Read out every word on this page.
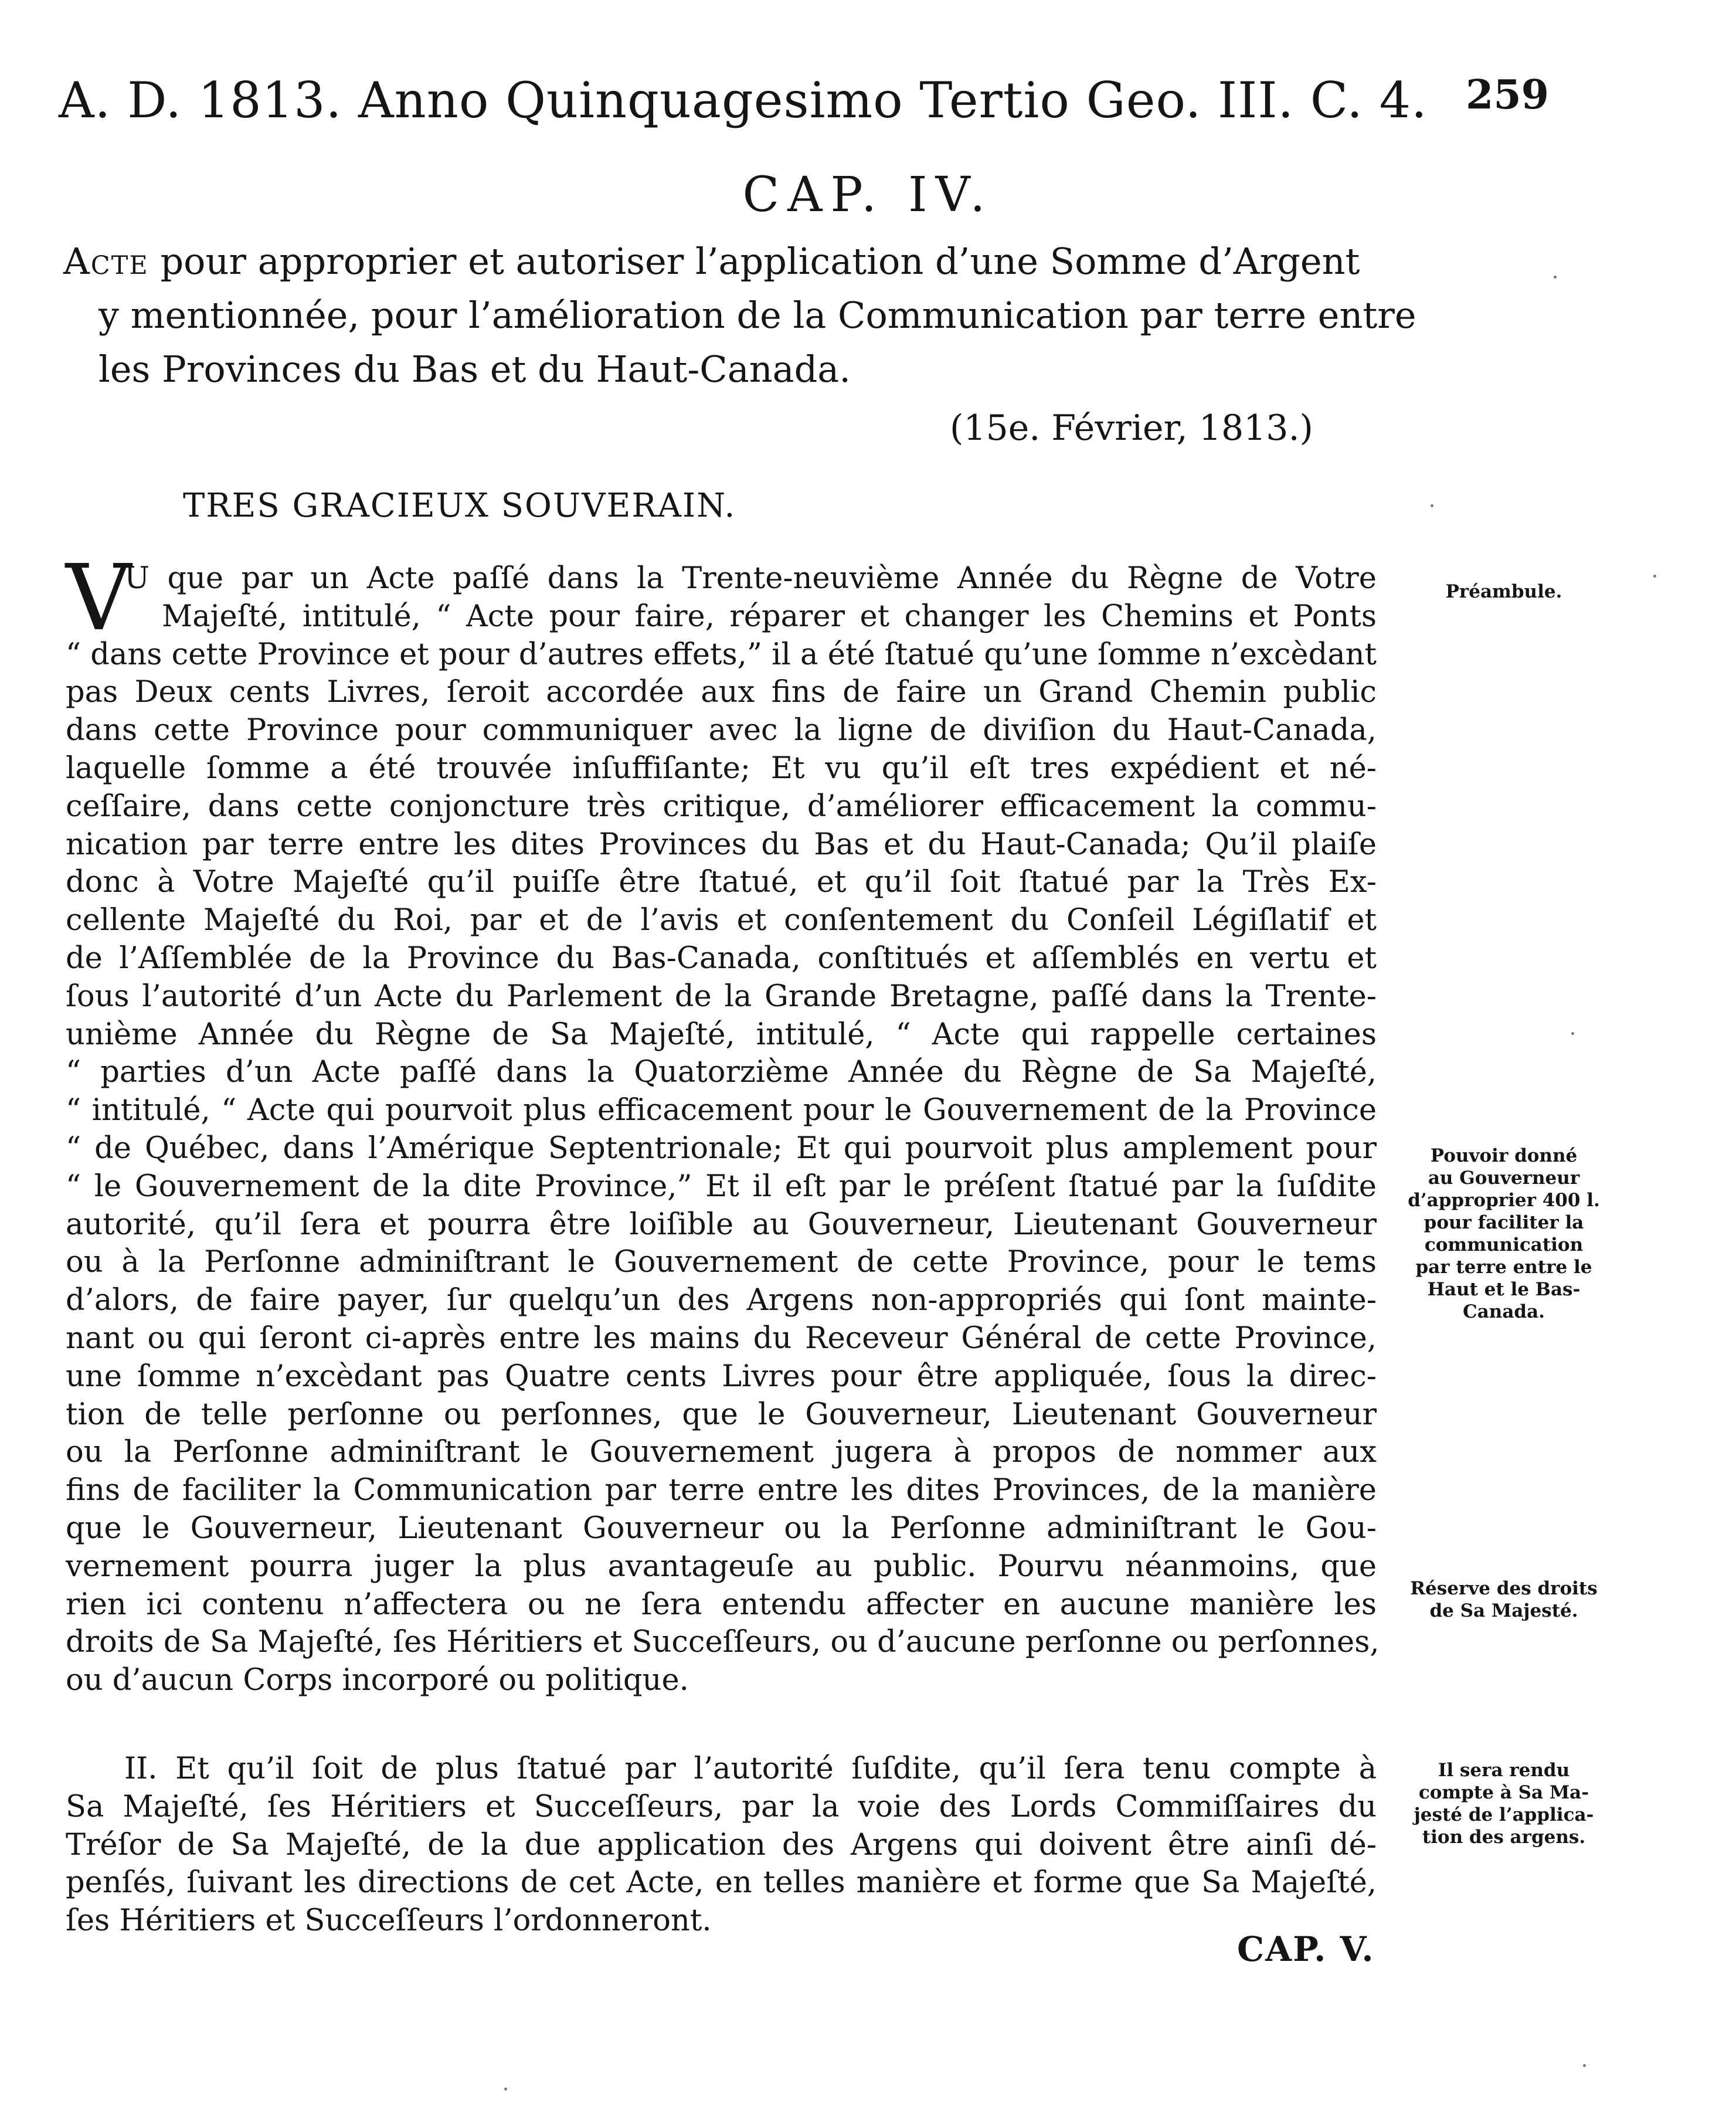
A. D. 1813. Anno Quinquagesimo Tertio Geo. III. C. 4. 259
CAP. IV.
Acte pour approprier et autoriser l’application d’une Somme d’Argent
y mentionnée, pour l’amélioration de la Communication par terre entre
les Provinces du Bas et du Haut-Canada.
(15e. Février, 1813.)
TRES GRACIEUX SOUVERAIN.
V
U que par un Acte paſſé dans la Trente-neuvième Année du Règne de Votre
Majeſté, intitulé, “ Acte pour faire, réparer et changer les Chemins et Ponts
“ dans cette Province et pour d’autres effets,” il a été ſtatué qu’une ſomme n’excèdant
pas Deux cents Livres, ſeroit accordée aux fins de faire un Grand Chemin public
dans cette Province pour communiquer avec la ligne de diviſion du Haut-Canada,
laquelle ſomme a été trouvée inſuffiſante; Et vu qu’il eſt tres expédient et né-
ceſſaire, dans cette conjoncture très critique, d’améliorer efficacement la commu-
nication par terre entre les dites Provinces du Bas et du Haut-Canada; Qu’il plaiſe
donc à Votre Majeſté qu’il puiſſe être ſtatué, et qu’il ſoit ſtatué par la Très Ex-
cellente Majeſté du Roi, par et de l’avis et conſentement du Conſeil Légiſlatif et
de l’Aſſemblée de la Province du Bas-Canada, conſtitués et aſſemblés en vertu et
ſous l’autorité d’un Acte du Parlement de la Grande Bretagne, paſſé dans la Trente-
unième Année du Règne de Sa Majeſté, intitulé, “ Acte qui rappelle certaines
“ parties d’un Acte paſſé dans la Quatorzième Année du Règne de Sa Majeſté,
“ intitulé, “ Acte qui pourvoit plus efficacement pour le Gouvernement de la Province
“ de Québec, dans l’Amérique Septentrionale; Et qui pourvoit plus amplement pour
“ le Gouvernement de la dite Province,” Et il eſt par le préſent ſtatué par la ſuſdite
autorité, qu’il ſera et pourra être loiſible au Gouverneur, Lieutenant Gouverneur
ou à la Perſonne adminiſtrant le Gouvernement de cette Province, pour le tems
d’alors, de faire payer, ſur quelqu’un des Argens non-appropriés qui ſont mainte-
nant ou qui ſeront ci-après entre les mains du Receveur Général de cette Province,
une ſomme n’excèdant pas Quatre cents Livres pour être appliquée, ſous la direc-
tion de telle perſonne ou perſonnes, que le Gouverneur, Lieutenant Gouverneur
ou la Perſonne adminiſtrant le Gouvernement jugera à propos de nommer aux
fins de faciliter la Communication par terre entre les dites Provinces, de la manière
que le Gouverneur, Lieutenant Gouverneur ou la Perſonne adminiſtrant le Gou-
vernement pourra juger la plus avantageuſe au public. Pourvu néanmoins, que
rien ici contenu n’affectera ou ne ſera entendu affecter en aucune manière les
droits de Sa Majeſté, ſes Héritiers et Succeſſeurs, ou d’aucune perſonne ou perſonnes,
ou d’aucun Corps incorporé ou politique.
II. Et qu’il ſoit de plus ſtatué par l’autorité ſuſdite, qu’il ſera tenu compte à
Sa Majeſté, ſes Héritiers et Succeſſeurs, par la voie des Lords Commiſſaires du
Tréſor de Sa Majeſté, de la due application des Argens qui doivent être ainſi dé-
penſés, ſuivant les directions de cet Acte, en telles manière et forme que Sa Majeſté,
ſes Héritiers et Succeſſeurs l’ordonneront.
Préambule.
Pouvoir donné
au Gouverneur
d’approprier 400 l.
pour faciliter la
communication
par terre entre le
Haut et le Bas-
Canada.
Réserve des droits
de Sa Majesté.
Il sera rendu
compte à Sa Ma-
jesté de l’applica-
tion des argens.
CAP. V.
